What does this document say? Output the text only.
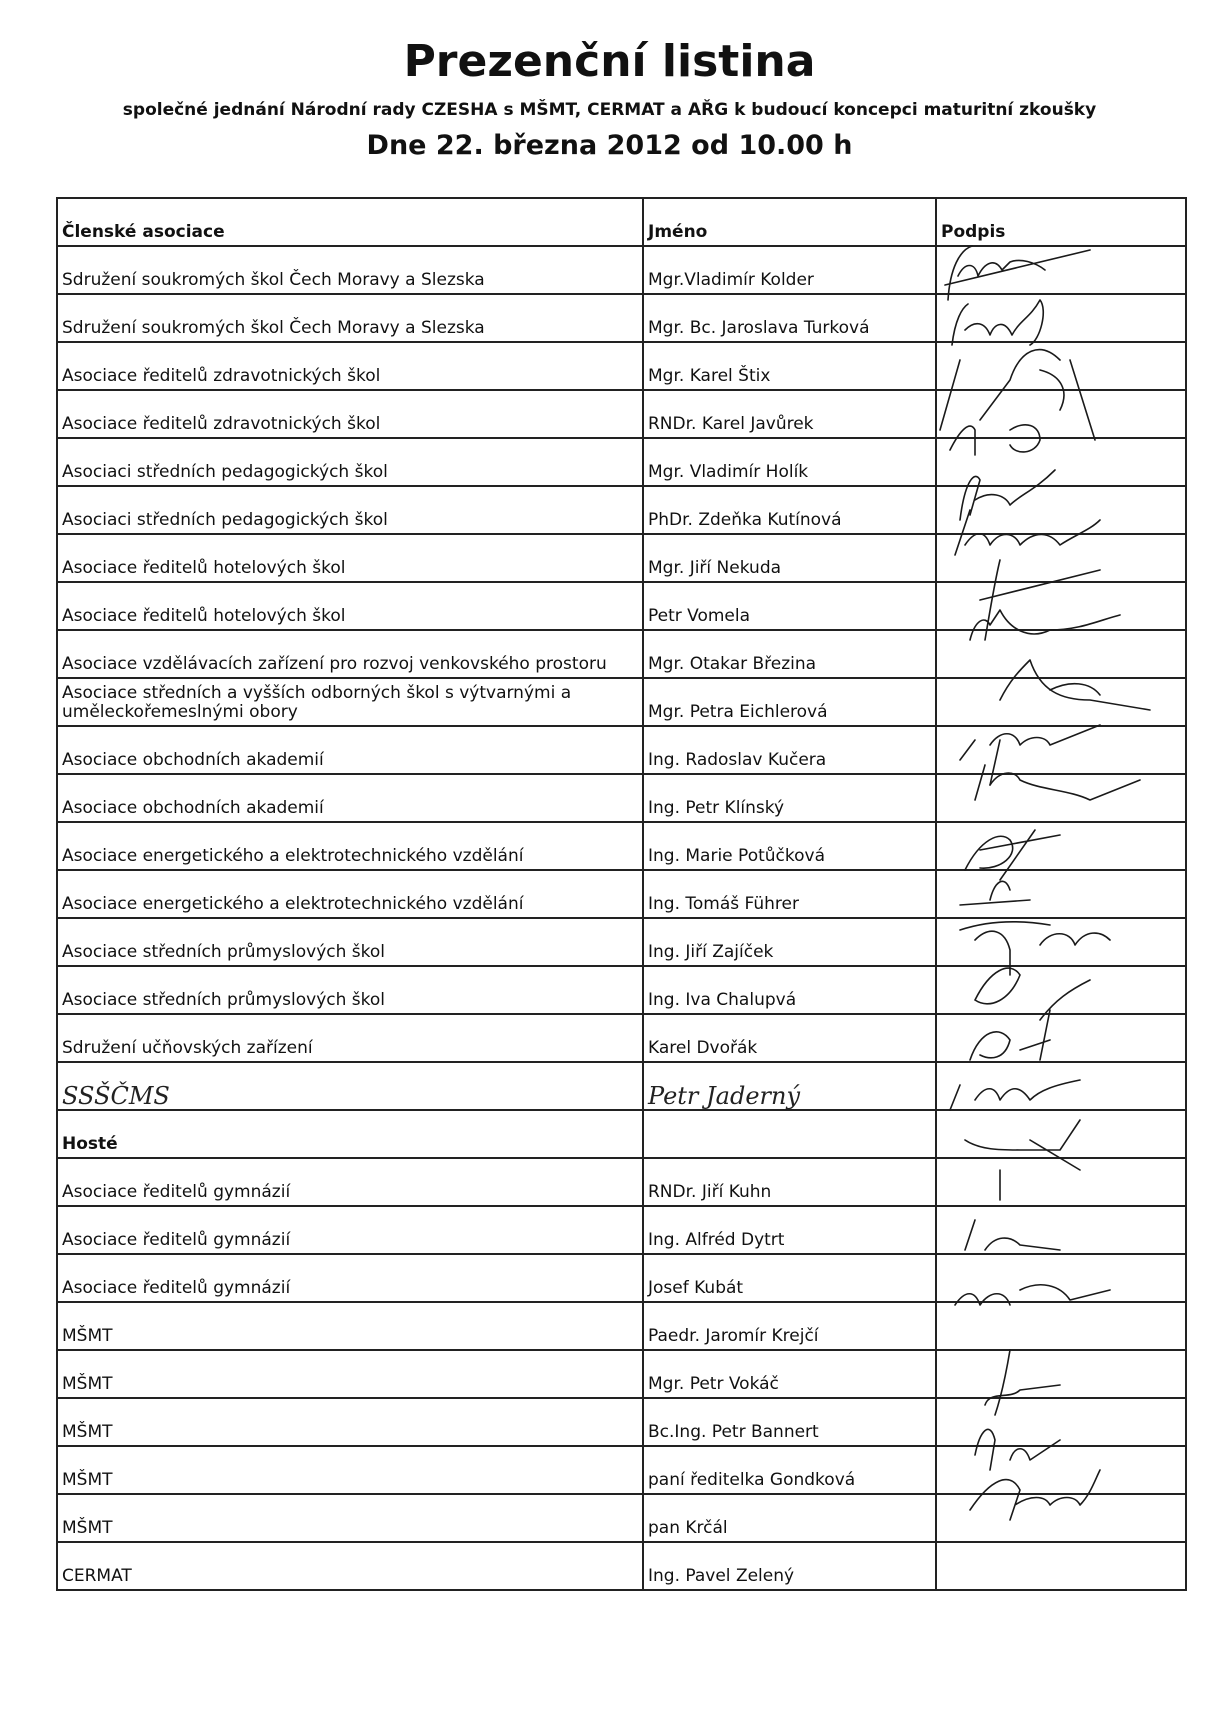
Prezenční listina
společné jednání Národní rady CZESHA s MŠMT, CERMAT a AŘG k budoucí koncepci maturitní zkoušky
Dne 22. března 2012 od 10.00 h
Členské asociace	Jméno	Podpis

Sdružení soukromých škol Čech Moravy a Slezska	Mgr.Vladimír Kolder	

Sdružení soukromých škol Čech Moravy a Slezska	Mgr. Bc. Jaroslava Turková	

Asociace ředitelů zdravotnických škol	Mgr. Karel Štix	

Asociace ředitelů zdravotnických škol	RNDr. Karel Javůrek	

Asociaci středních pedagogických škol	Mgr. Vladimír Holík	

Asociaci středních pedagogických škol	PhDr. Zdeňka Kutínová	

Asociace ředitelů hotelových škol	Mgr. Jiří Nekuda	

Asociace ředitelů hotelových škol	Petr Vomela	

Asociace vzdělávacích zařízení pro rozvoj venkovského prostoru	Mgr. Otakar Březina	

Asociace středních a vyšších odborných škol s výtvarnými a uměleckořemeslnými obory	Mgr. Petra Eichlerová	

Asociace obchodních akademií	Ing. Radoslav Kučera	

Asociace obchodních akademií	Ing. Petr Klínský	

Asociace energetického a elektrotechnického vzdělání	Ing. Marie Potůčková	

Asociace energetického a elektrotechnického vzdělání	Ing. Tomáš Führer	

Asociace středních průmyslových škol	Ing. Jiří Zajíček	

Asociace středních průmyslových škol	Ing. Iva Chalupvá	

Sdružení učňovských zařízení	Karel Dvořák	

SSŠČMS	Petr Jaderný	

Hosté		

Asociace ředitelů gymnázií	RNDr. Jiří Kuhn	

Asociace ředitelů gymnázií	Ing. Alfréd Dytrt	

Asociace ředitelů gymnázií	Josef Kubát	

MŠMT	Paedr. Jaromír Krejčí	

MŠMT	Mgr. Petr Vokáč	

MŠMT	Bc.Ing. Petr Bannert	

MŠMT	paní ředitelka Gondková	

MŠMT	pan Krčál	

CERMAT	Ing. Pavel Zelený	
